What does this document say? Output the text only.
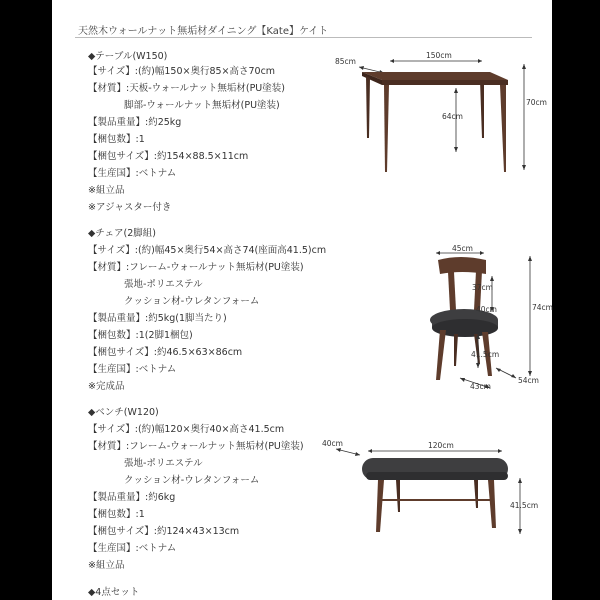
天然木ウォールナット無垢材ダイニング【Kate】ケイト
◆テーブル(W150)
【サイズ】:(約)幅150×奥行85×高さ70cm
【材質】:天板-ウォールナット無垢材(PU塗装)
脚部-ウォールナット無垢材(PU塗装)
【製品重量】:約25kg
【梱包数】:1
【梱包サイズ】:約154×88.5×11cm
【生産国】:ベトナム
※組立品
※アジャスター付き
150cm
85cm
70cm
64cm
◆チェア(2脚組)
【サイズ】:(約)幅45×奥行54×高さ74(座面高41.5)cm
【材質】:フレーム-ウォールナット無垢材(PU塗装)
張地-ポリエステル
クッション材-ウレタンフォーム
【製品重量】:約5kg(1脚当たり)
【梱包数】:1(2脚1梱包)
【梱包サイズ】:約46.5×63×86cm
【生産国】:ベトナム
※完成品
45cm
37cm
74cm
40cm
41.5cm
43cm
54cm
◆ベンチ(W120)
【サイズ】:(約)幅120×奥行40×高さ41.5cm
【材質】:フレーム-ウォールナット無垢材(PU塗装)
張地-ポリエステル
クッション材-ウレタンフォーム
【製品重量】:約6kg
【梱包数】:1
【梱包サイズ】:約124×43×13cm
【生産国】:ベトナム
※組立品
120cm
40cm
41.5cm
◆4点セット
